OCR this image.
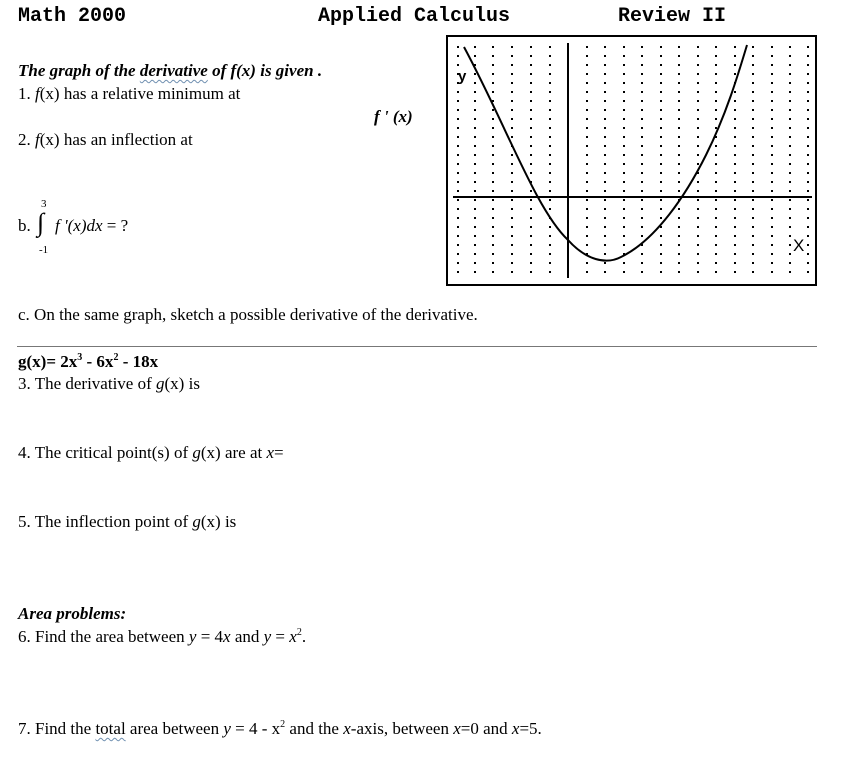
Math 2000	Applied Calculus	Review II
The graph of the derivative of f(x) is given .
1. f(x) has a relative minimum at
f ' (x)
2. f(x) has an inflection at
b.
3
-1
∫ f '(x)dx = ?
y
X
c. On the same graph, sketch a possible derivative of the derivative.
$g(x)= 2x^3 - 6x^2 - 18x$
3. The derivative of g(x) is
4. The critical point(s) of g(x) are at x=
5. The inflection point of g(x) is
Area problems:
6. Find the area between y = 4x and $y = x^2$.
7. Find the total area between $y = 4 - x^2$ and the x-axis, between x=0 and x=5.
